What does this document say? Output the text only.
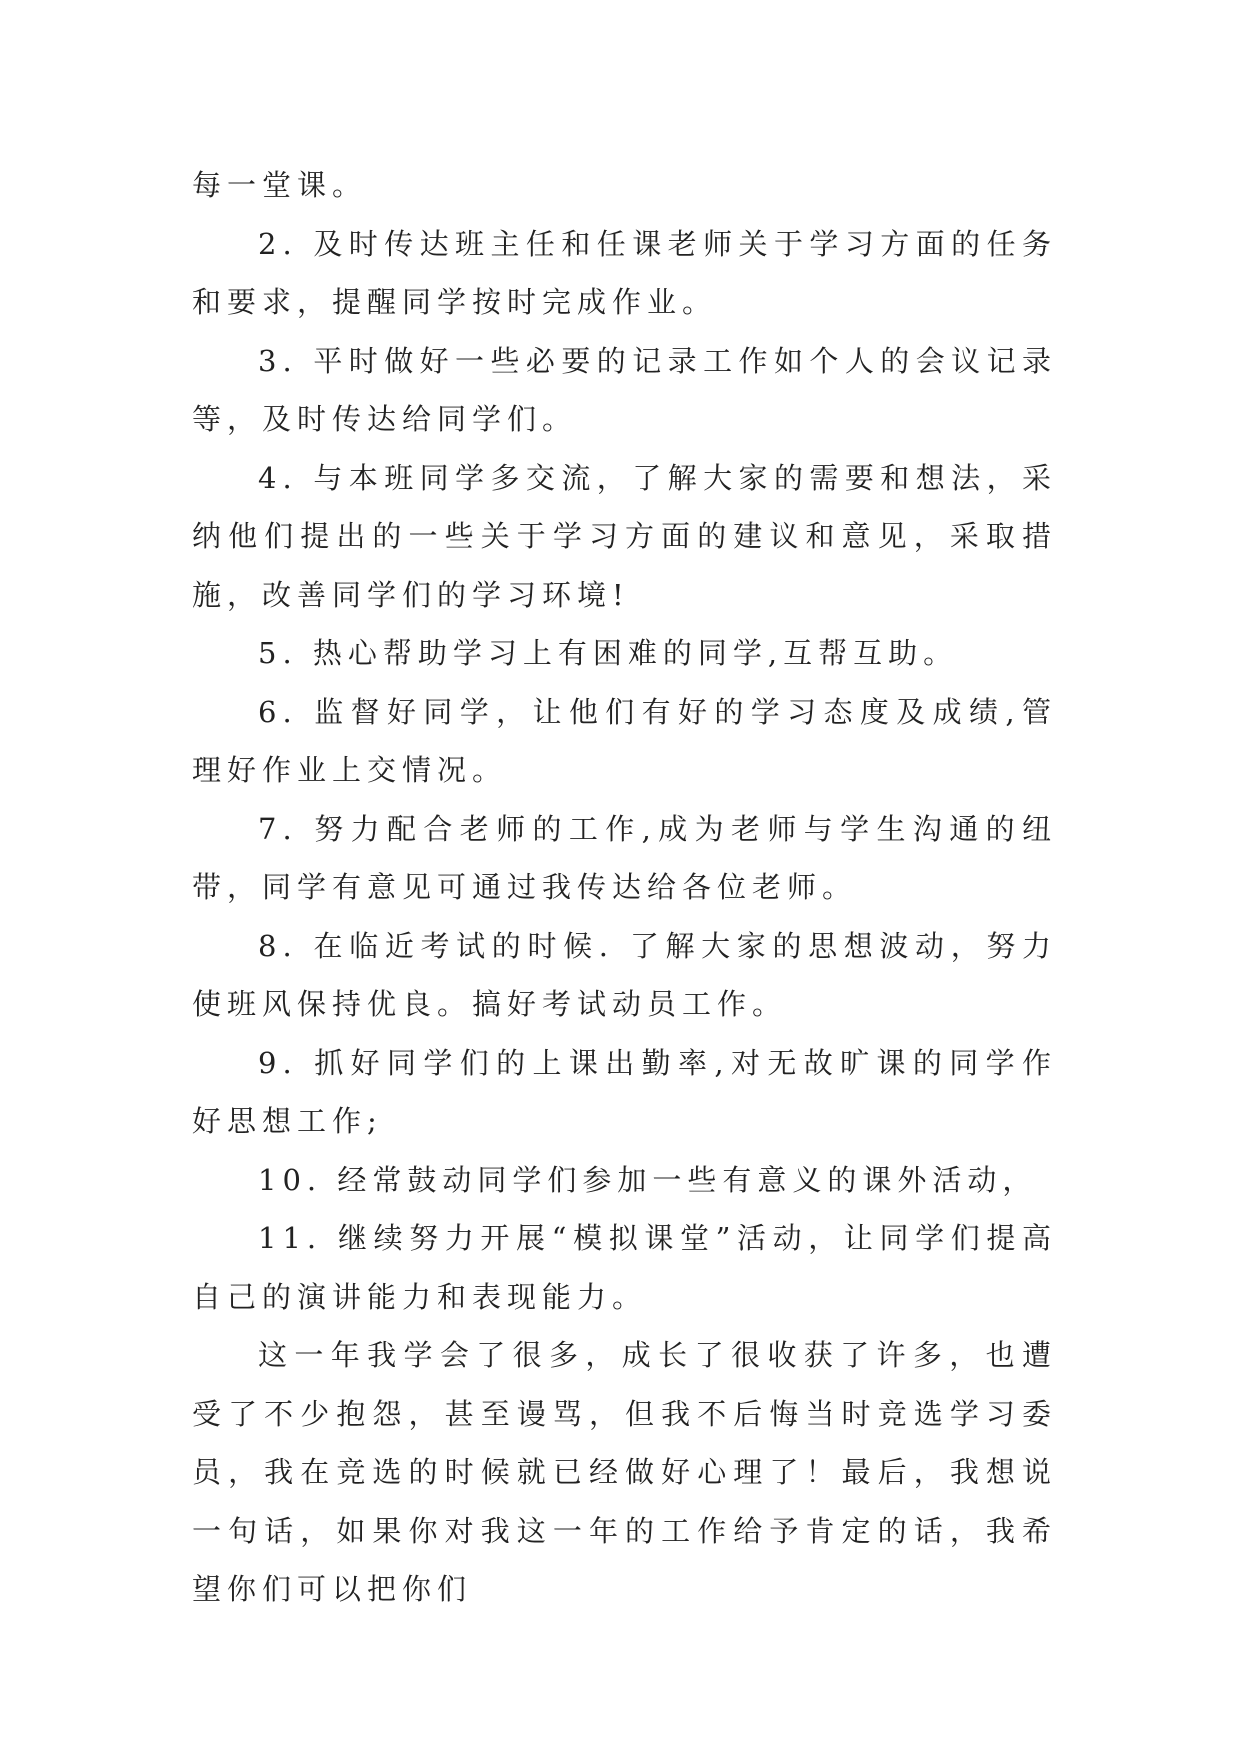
每一堂课。

2. 及时传达班主任和任课老师关于学习方面的任务和要求，提醒同学按时完成作业。

3. 平时做好一些必要的记录工作如个人的会议记录等，及时传达给同学们。

4. 与本班同学多交流，了解大家的需要和想法，采纳他们提出的一些关于学习方面的建议和意见，采取措施，改善同学们的学习环境!

5. 热心帮助学习上有困难的同学,互帮互助。

6. 监督好同学，让他们有好的学习态度及成绩,管理好作业上交情况。

7. 努力配合老师的工作,成为老师与学生沟通的纽带，同学有意见可通过我传达给各位老师。

8. 在临近考试的时候. 了解大家的思想波动，努力使班风保持优良。搞好考试动员工作。

9. 抓好同学们的上课出勤率,对无故旷课的同学作好思想工作;

10. 经常鼓动同学们参加一些有意义的课外活动，

11. 继续努力开展“模拟课堂”活动，让同学们提高自己的演讲能力和表现能力。

这一年我学会了很多，成长了很收获了许多，也遭受了不少抱怨，甚至谩骂，但我不后悔当时竞选学习委员，我在竞选的时候就已经做好心理了！最后，我想说一句话，如果你对我这一年的工作给予肯定的话，我希望你们可以把你们
